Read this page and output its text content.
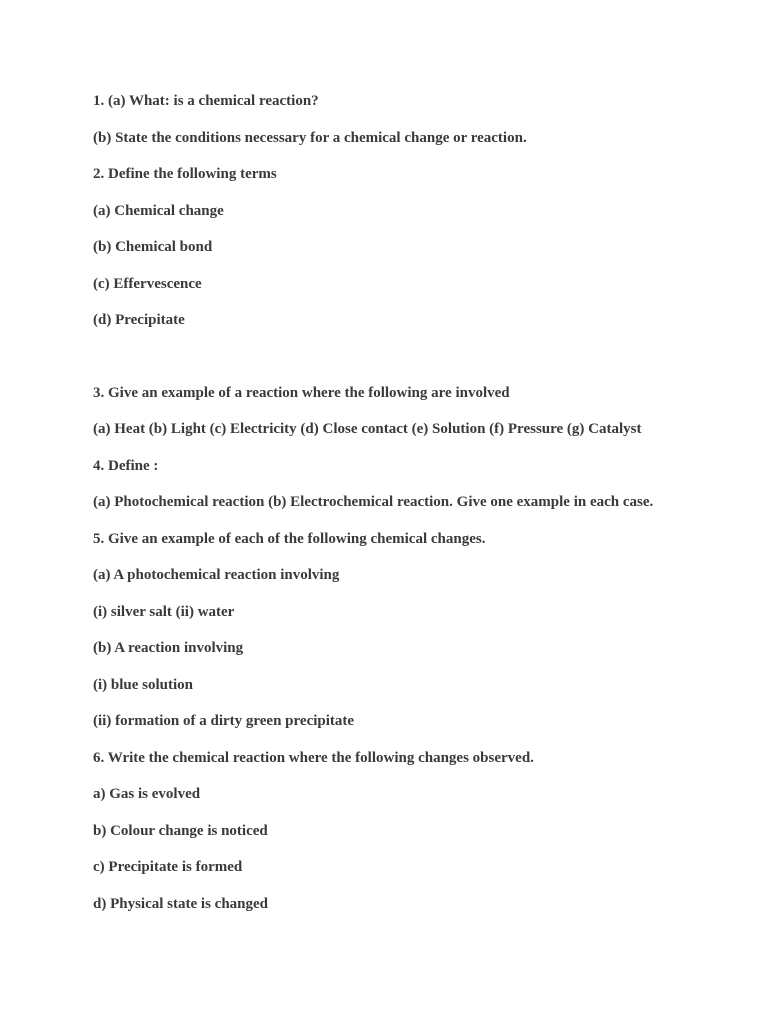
1. (a) What: is a chemical reaction?

(b) State the conditions necessary for a chemical change or reaction.

2. Define the following terms

(a) Chemical change

(b) Chemical bond

(c) Effervescence

(d) Precipitate

3. Give an example of a reaction where the following are involved

(a) Heat (b) Light (c) Electricity (d) Close contact (e) Solution (f) Pressure (g) Catalyst

4. Define :

(a) Photochemical reaction (b) Electrochemical reaction. Give one example in each case.

5. Give an example of each of the following chemical changes.

(a) A photochemical reaction involving

(i) silver salt (ii) water

(b) A reaction involving

(i) blue solution

(ii) formation of a dirty green precipitate

6. Write the chemical reaction where the following changes observed.

a) Gas is evolved

b) Colour change is noticed

c) Precipitate is formed

d) Physical state is changed
